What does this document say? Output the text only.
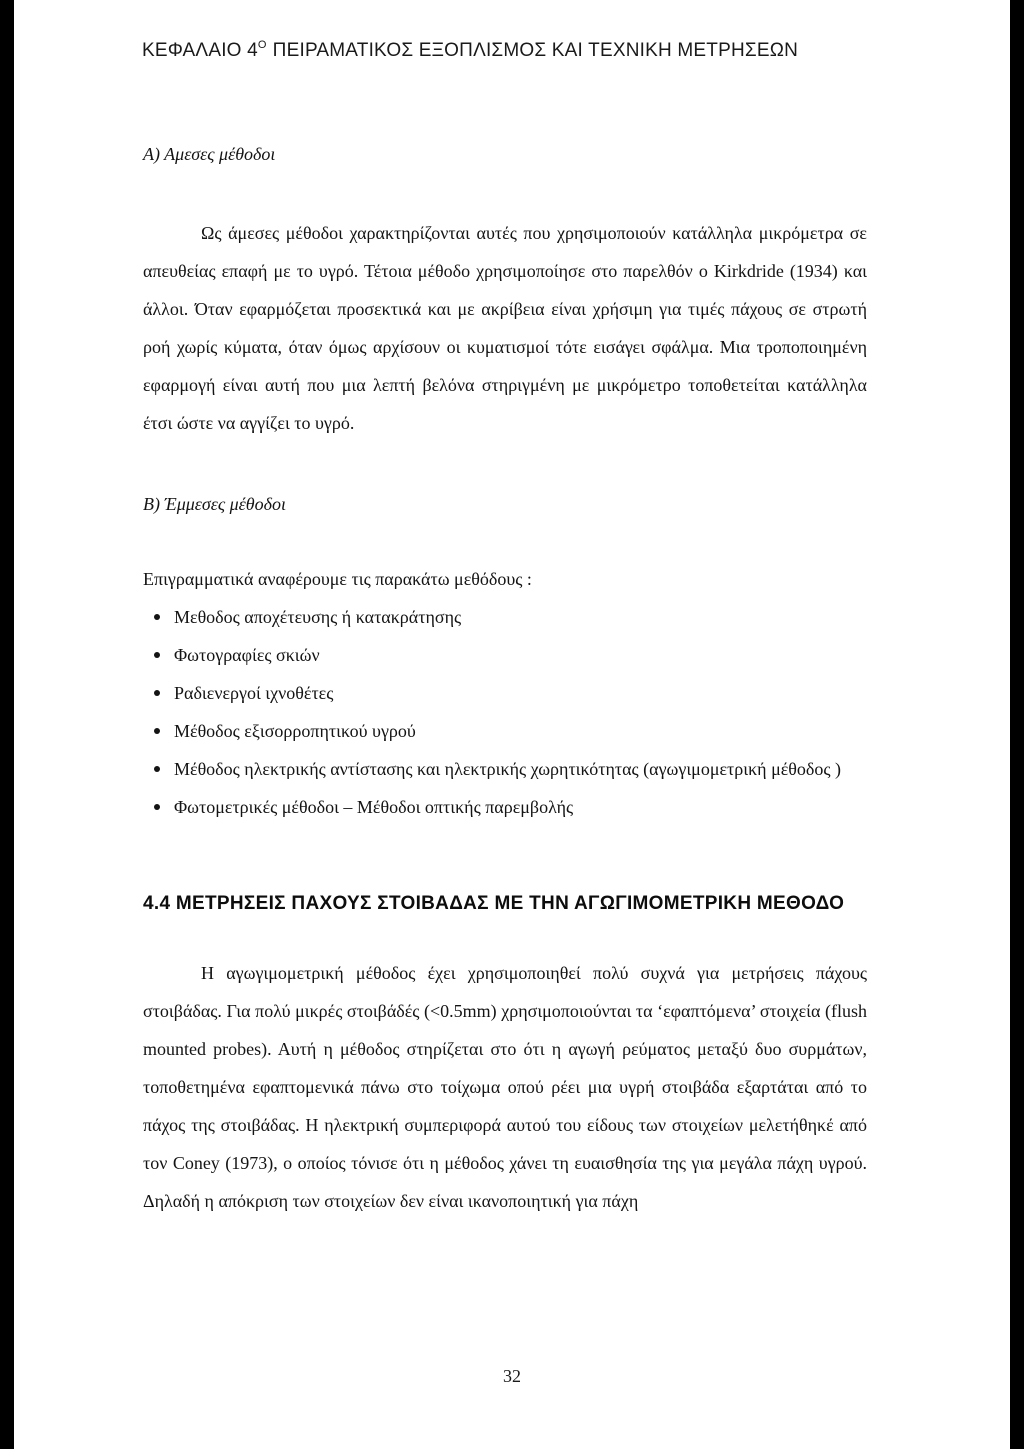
ΚΕΦΑΛΑΙΟ $4^O$ ΠΕΙΡΑΜΑΤΙΚΟΣ ΕΞΟΠΛΙΣΜΟΣ ΚΑΙ ΤΕΧΝΙΚΗ ΜΕΤΡΗΣΕΩΝ

Α) Αμεσες μέθοδοι

Ως άμεσες μέθοδοι χαρακτηρίζονται αυτές που χρησιμοποιούν κατάλληλα μικρόμετρα σε απευθείας επαφή με το υγρό. Τέτοια μέθοδο χρησιμοποίησε στο παρελθόν ο Kirkdride (1934) και άλλοι. Όταν εφαρμόζεται προσεκτικά και με ακρίβεια είναι χρήσιμη για τιμές πάχους σε στρωτή ροή χωρίς κύματα, όταν όμως αρχίσουν οι κυματισμοί τότε εισάγει σφάλμα. Μια τροποποιημένη εφαρμογή είναι αυτή που μια λεπτή βελόνα στηριγμένη με μικρόμετρο τοποθετείται κατάλληλα έτσι ώστε να αγγίζει το υγρό.

Β) Έμμεσες μέθοδοι

Επιγραμματικά αναφέρουμε τις παρακάτω μεθόδους :

Μεθοδος αποχέτευσης ή κατακράτησης
Φωτογραφίες σκιών
Ραδιενεργοί ιχνοθέτες
Μέθοδος εξισορροπητικού υγρού
Μέθοδος ηλεκτρικής αντίστασης και ηλεκτρικής χωρητικότητας (αγωγιμομετρική μέθοδος )
Φωτομετρικές μέθοδοι – Μέθοδοι οπτικής παρεμβολής
4.4 ΜΕΤΡΗΣΕΙΣ ΠΑΧΟΥΣ ΣΤΟΙΒΑΔΑΣ ΜΕ ΤΗΝ ΑΓΩΓΙΜΟΜΕΤΡΙΚΗ ΜΕΘΟΔΟ

Η αγωγιμομετρική μέθοδος έχει χρησιμοποιηθεί πολύ συχνά για μετρήσεις πάχους στοιβάδας. Για πολύ μικρές στοιβάδές (<0.5mm) χρησιμοποιούνται τα ‘εφαπτόμενα’ στοιχεία (flush mounted probes). Αυτή η μέθοδος στηρίζεται στο ότι η αγωγή ρεύματος μεταξύ δυο συρμάτων, τοποθετημένα εφαπτομενικά πάνω στο τοίχωμα οπού ρέει μια υγρή στοιβάδα εξαρτάται από το πάχος της στοιβάδας. Η ηλεκτρική συμπεριφορά αυτού του είδους των στοιχείων μελετήθηκέ από τον Coney (1973), ο οποίος τόνισε ότι η μέθοδος χάνει τη ευαισθησία της για μεγάλα πάχη υγρού. Δηλαδή η απόκριση των στοιχείων δεν είναι ικανοποιητική για πάχη

32
